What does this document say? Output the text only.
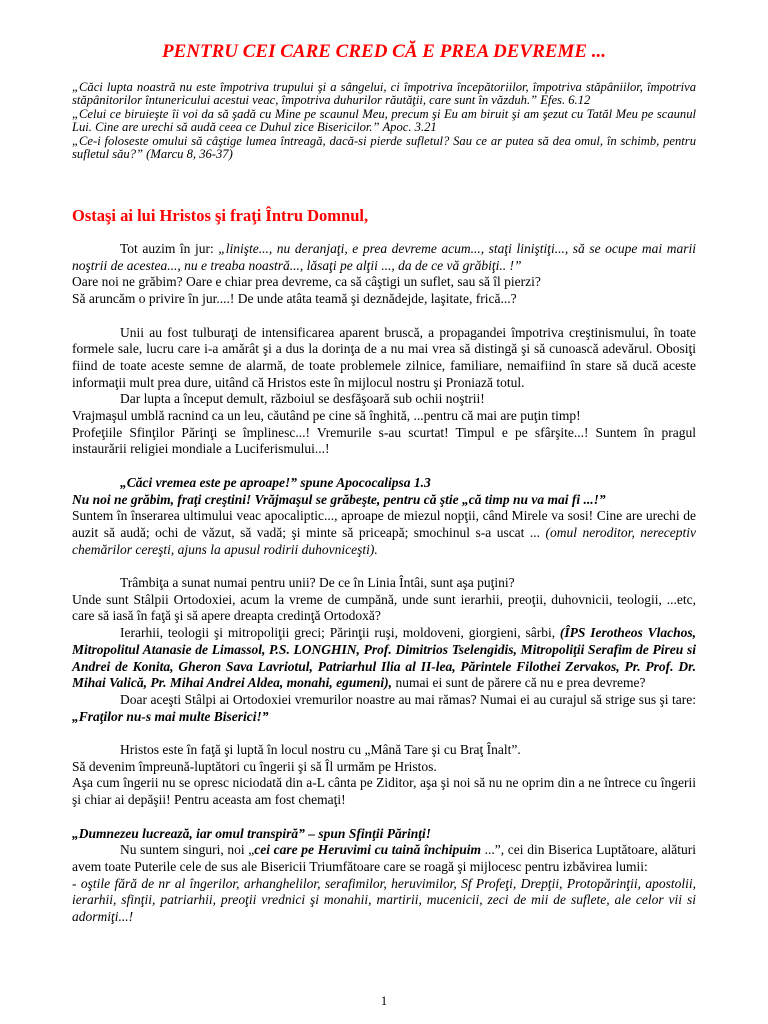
PENTRU CEI CARE CRED CĂ E PREA DEVREME ...

„Căci lupta noastră nu este împotriva trupului şi a sângelui, ci împotriva începătoriilor, împotriva stăpâniilor, împotriva stăpânitorilor întunericului acestui veac, împotriva duhurilor răutăţii, care sunt în văzduh.” Efes. 6.12

„Celui ce biruieşte îi voi da să şadă cu Mine pe scaunul Meu, precum şi Eu am biruit şi am şezut cu Tatăl Meu pe scaunul Lui. Cine are urechi să audă ceea ce Duhul zice Bisericilor.” Apoc. 3.21

„Ce-i foloseste omului să câştige lumea întreagă, dacă-si pierde sufletul? Sau ce ar putea să dea omul, în schimb, pentru sufletul său?” (Marcu 8, 36-37)

Ostaşi ai lui Hristos şi fraţi Întru Domnul,

Tot auzim în jur: „linişte..., nu deranjaţi, e prea devreme acum..., staţi liniştiţi..., să se ocupe mai marii noştrii de acestea..., nu e treaba noastră..., lăsaţi pe alţii ..., da de ce vă grăbiţi.. !”

Oare noi ne grăbim? Oare e chiar prea devreme, ca să câştigi un suflet, sau să îl pierzi?

Să aruncăm o privire în jur....! De unde atâta teamă şi deznădejde, laşitate, frică...?

Unii au fost tulburaţi de intensificarea aparent bruscă, a propagandei împotriva creştinismului, în toate formele sale, lucru care i-a amărât şi a dus la dorinţa de a nu mai vrea să distingă şi să cunoască adevărul. Obosiţi fiind de toate aceste semne de alarmă, de toate problemele zilnice, familiare, nemaifiind în stare să ducă aceste informaţii mult prea dure, uitând că Hristos este în mijlocul nostru şi Proniază totul.

Dar lupta a început demult, războiul se desfăşoară sub ochii noştrii!

Vrajmaşul umblă racnind ca un leu, căutând pe cine să înghită, ...pentru că mai are puţin timp!

Profeţiile Sfinţilor Părinţi se împlinesc...! Vremurile s-au scurtat! Timpul e pe sfârşite...! Suntem în pragul instaurării religiei mondiale a Luciferismului...!

„Căci vremea este pe aproape!” spune Apococalipsa 1.3

Nu noi ne grăbim, fraţi creştini! Vrăjmaşul se grăbeşte, pentru că ştie „că timp nu va mai fi ...!”

Suntem în înserarea ultimului veac apocaliptic..., aproape de miezul nopţii, când Mirele va sosi! Cine are urechi de auzit să audă; ochi de văzut, să vadă; şi minte să priceapă; smochinul s-a uscat ... (omul neroditor, nereceptiv chemărilor cereşti, ajuns la apusul rodirii duhovniceşti).

Trâmbiţa a sunat numai pentru unii? De ce în Linia Întâi, sunt aşa puţini?

Unde sunt Stâlpii Ortodoxiei, acum la vreme de cumpănă, unde sunt ierarhii, preoţii, duhovnicii, teologii, ...etc, care să iasă în faţă şi să apere dreapta credinţă Ortodoxă?

Ierarhii, teologii şi mitropoliţii greci; Părinţii ruşi, moldoveni, giorgieni, sârbi, (ÎPS Ierotheos Vlachos, Mitropolitul Atanasie de Limassol, P.S. LONGHIN, Prof. Dimitrios Tselengidis, Mitropoliţii Serafim de Pireu si Andrei de Konita, Gheron Sava Lavriotul, Patriarhul Ilia al II-lea, Părintele Filothei Zervakos, Pr. Prof. Dr. Mihai Valică, Pr. Mihai Andrei Aldea, monahi, egumeni), numai ei sunt de părere că nu e prea devreme?

Doar aceşti Stâlpi ai Ortodoxiei vremurilor noastre au mai rămas? Numai ei au curajul să strige sus şi tare: „Fraţilor nu-s mai multe Biserici!”

Hristos este în faţă şi luptă în locul nostru cu „Mână Tare şi cu Braţ Înalt”.

Să devenim împreună-luptători cu îngerii şi să Îl urmăm pe Hristos.

Aşa cum îngerii nu se opresc niciodată din a-L cânta pe Ziditor, aşa şi noi să nu ne oprim din a ne întrece cu îngerii şi chiar ai depăşii! Pentru aceasta am fost chemaţi!

„Dumnezeu lucrează, iar omul transpiră” – spun Sfinţii Părinţi!

Nu suntem singuri, noi „cei care pe Heruvimi cu taină închipuim ...”, cei din Biserica Luptătoare, alături avem toate Puterile cele de sus ale Bisericii Triumfătoare care se roagă şi mijlocesc pentru izbăvirea lumii:

- oştile fără de nr al îngerilor, arhanghelilor, serafimilor, heruvimilor, Sf Profeţi, Drepţii, Protopărinţii, apostolii, ierarhii, sfinţii, patriarhii, preoţii vrednici şi monahii, martirii, mucenicii, zeci de mii de suflete, ale celor vii si adormiţi...!

1
